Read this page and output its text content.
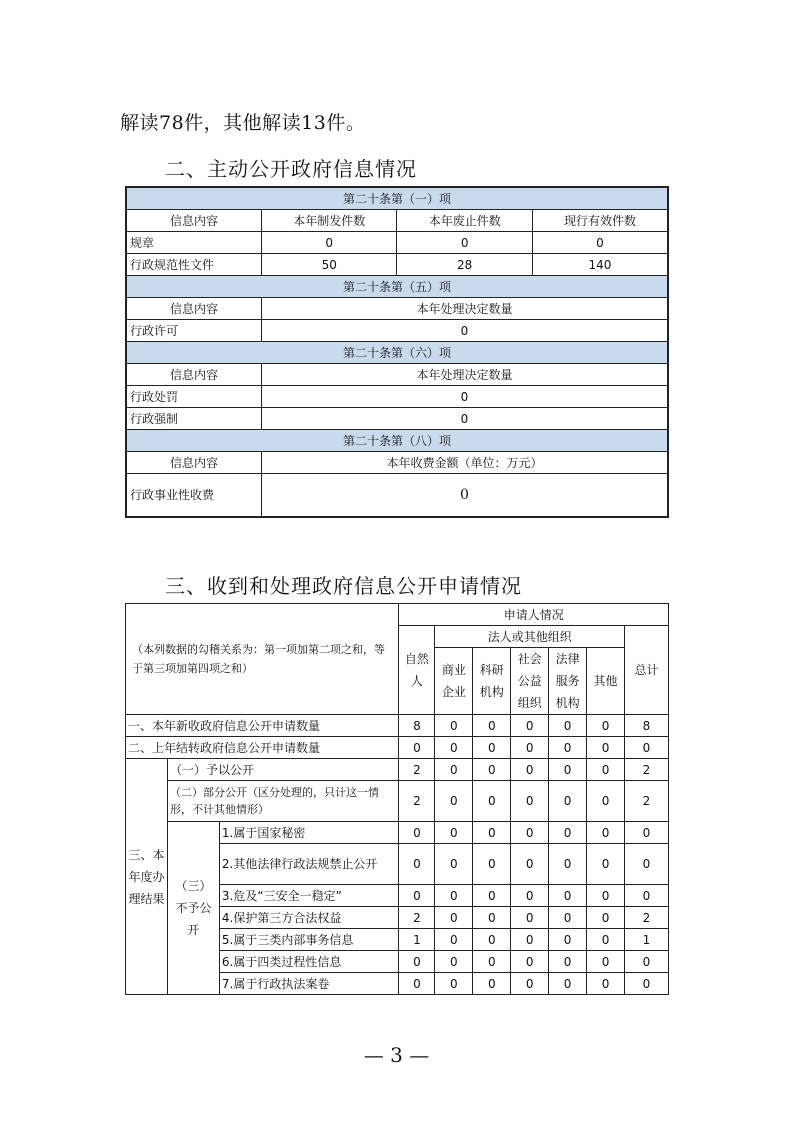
解读78件，其他解读13件。
二、主动公开政府信息情况
第二十条第（一）项			
信息内容	本年制发件数	本年废止件数	现行有效件数
规章	0	0	0
行政规范性文件	50	28	140
第二十条第（五）项			
信息内容	本年处理决定数量		
行政许可	0		
第二十条第（六）项			
信息内容	本年处理决定数量		
行政处罚	0		
行政强制	0		
第二十条第（八）项			
信息内容	本年收费金额（单位：万元）		
行政事业性收费	0		
三、收到和处理政府信息公开申请情况
（本列数据的勾稽关系为：第一项加第二项之和，等于第三项加第四项之和）			申请人情况						
			自然人	法人或其他组织					总计
				商业企业	科研机构	社会公益组织	法律服务机构	其他	

一、本年新收政府信息公开申请数量			8	0	0	0	0	0	8
二、上年结转政府信息公开申请数量			0	0	0	0	0	0	0
三、本年度办理结果	（一）予以公开		2	0	0	0	0	0	2
	（二）部分公开（区分处理的，只计这一情形，不计其他情形）		2	0	0	0	0	0	2
	（三）不予公开	1.属于国家秘密	0	0	0	0	0	0	0
		2.其他法律行政法规禁止公开	0	0	0	0	0	0	0
		3.危及“三安全一稳定”	0	0	0	0	0	0	0
		4.保护第三方合法权益	2	0	0	0	0	0	2
		5.属于三类内部事务信息	1	0	0	0	0	0	1
		6.属于四类过程性信息	0	0	0	0	0	0	0
		7.属于行政执法案卷	0	0	0	0	0	0	0
— 3 —
